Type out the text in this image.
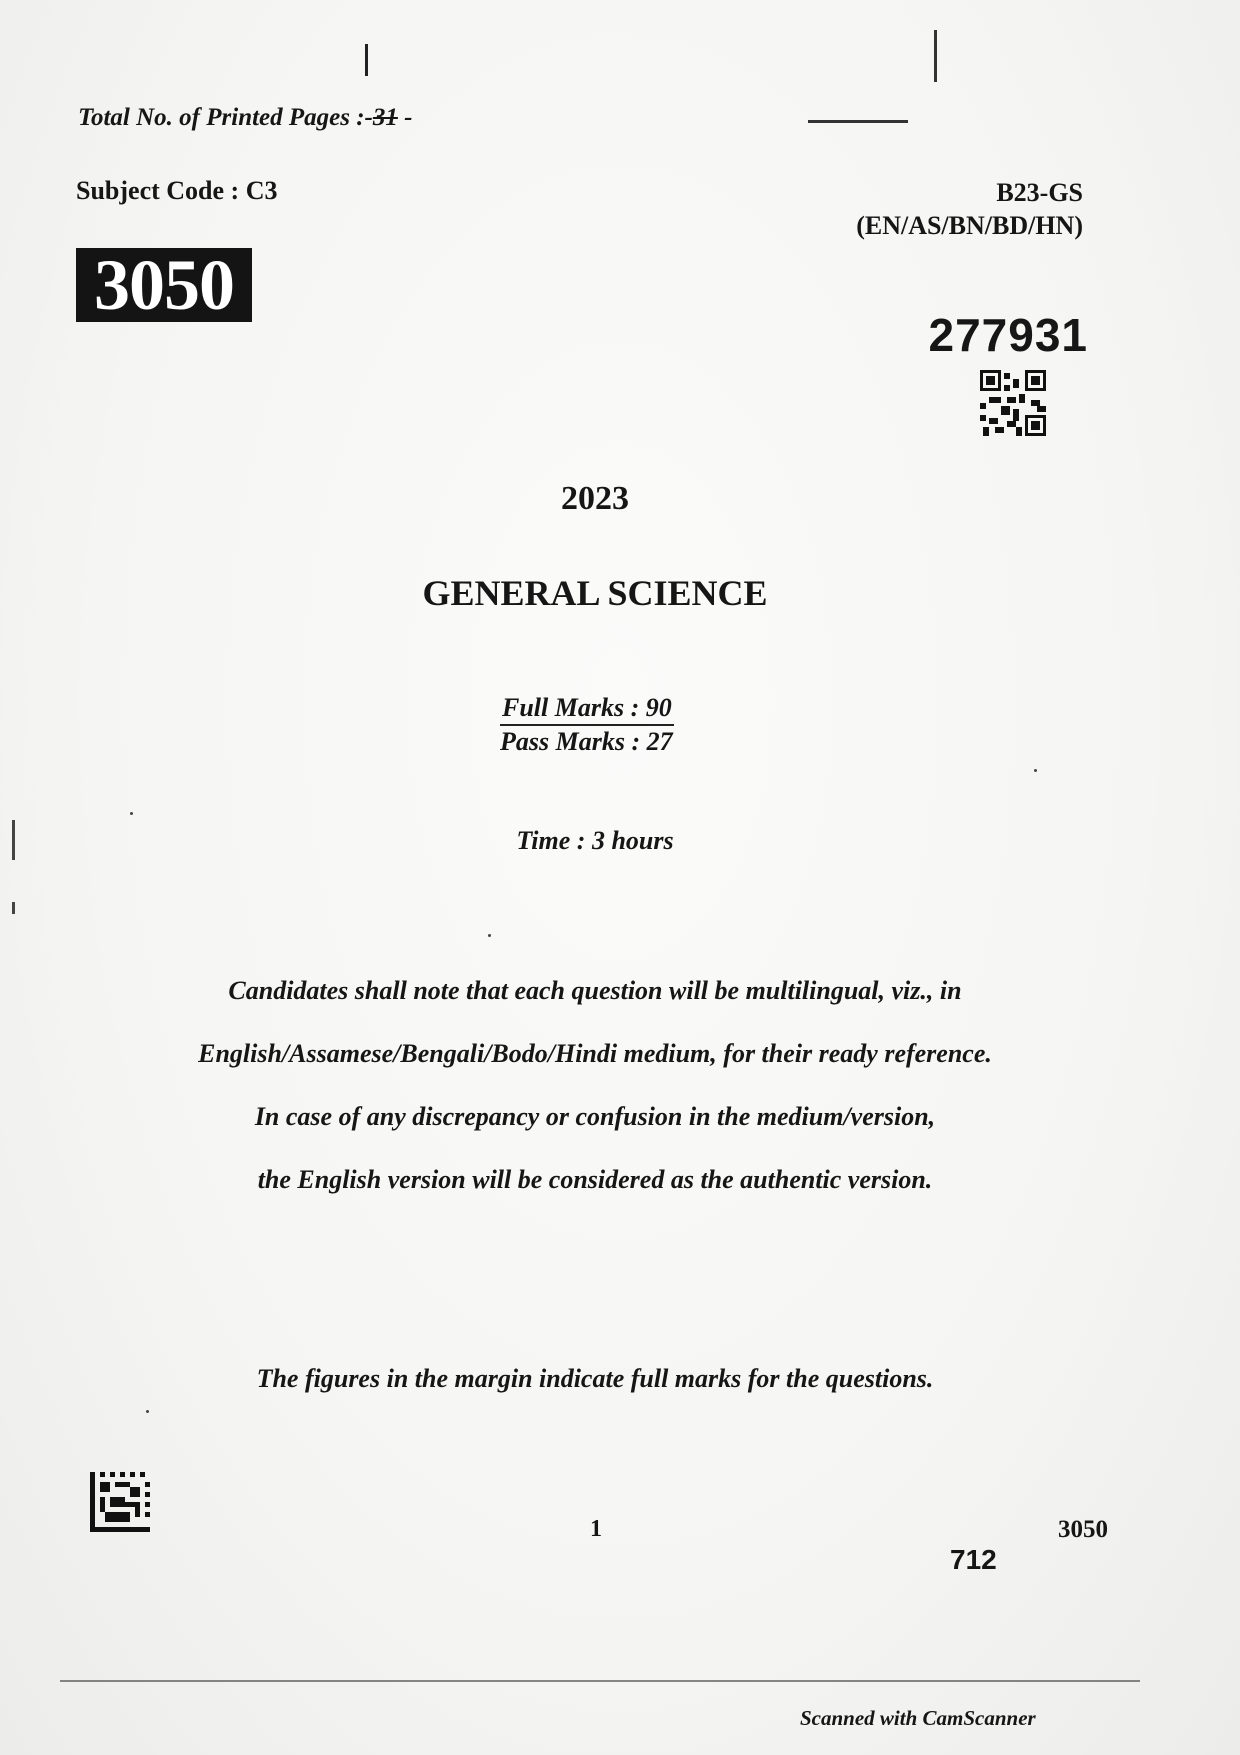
Total No. of Printed Pages :-31 -
Subject Code : C3	B23-GS
(EN/AS/BN/BD/HN)
3050
277931
2023
GENERAL SCIENCE
Full Marks : 90
Pass Marks : 27
Time : 3 hours
Candidates shall note that each question will be multilingual, viz., in
English/Assamese/Bengali/Bodo/Hindi medium, for their ready reference.
In case of any discrepancy or confusion in the medium/version,
the English version will be considered as the authentic version.
The figures in the margin indicate full marks for the questions.
1	3050
712
Scanned with CamScanner
